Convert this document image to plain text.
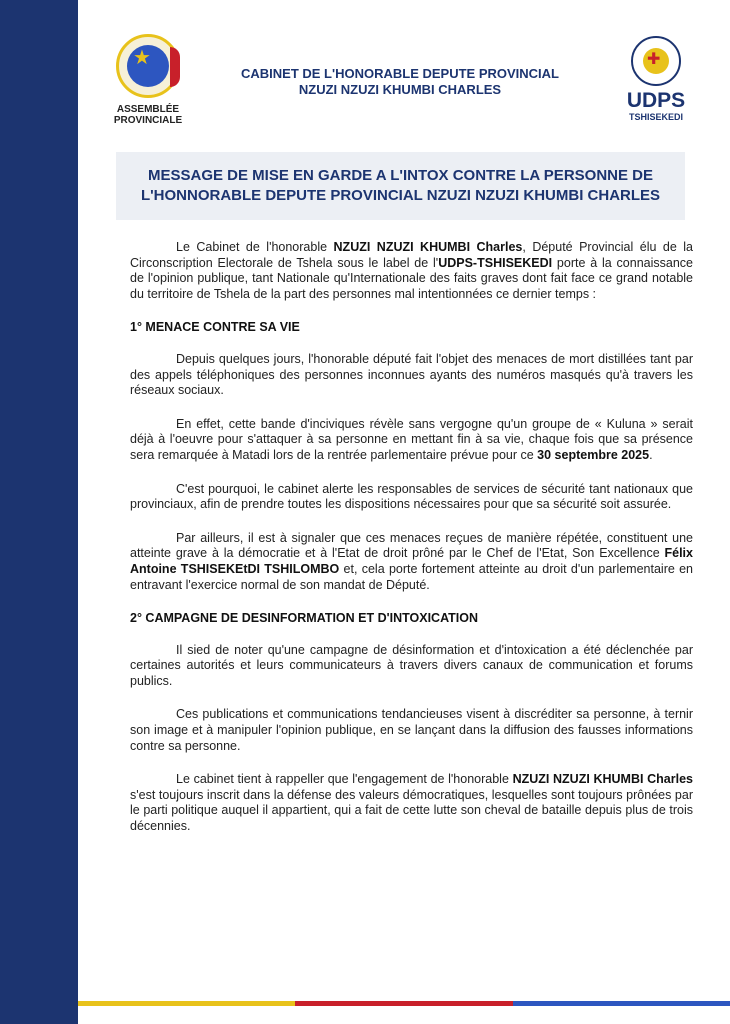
★
ASSEMBLÉE
PROVINCIALE
CABINET DE L'HONORABLE DEPUTE PROVINCIAL
NZUZI NZUZI KHUMBI CHARLES
✚
UDPS
TSHISEKEDI
MESSAGE DE MISE EN GARDE A L'INTOX CONTRE LA PERSONNE DE
L'HONNORABLE DEPUTE PROVINCIAL NZUZI NZUZI KHUMBI CHARLES

Le Cabinet de l'honorable NZUZI NZUZI KHUMBI Charles, Député Provincial élu de la Circonscription Electorale de Tshela sous le label de l'UDPS-TSHISEKEDI porte à la connaissance de l'opinion publique, tant Nationale qu'Internationale des faits graves dont fait face ce grand notable du territoire de Tshela de la part des personnes mal intentionnées ce dernier temps :

1° MENACE CONTRE SA VIE

Depuis quelques jours, l'honorable député fait l'objet des menaces de mort distillées tant par des appels téléphoniques des personnes inconnues ayants des numéros masqués qu'à travers les réseaux sociaux.

En effet, cette bande d'inciviques révèle sans vergogne qu'un groupe de « Kuluna » serait déjà à l'oeuvre pour s'attaquer à sa personne en mettant fin à sa vie, chaque fois que sa présence sera remarquée à Matadi lors de la rentrée parlementaire prévue pour ce 30 septembre 2025.

C'est pourquoi, le cabinet alerte les responsables de services de sécurité tant nationaux que provinciaux, afin de prendre toutes les dispositions nécessaires pour que sa sécurité soit assurée.

Par ailleurs, il est à signaler que ces menaces reçues de manière répétée, constituent une atteinte grave à la démocratie et à l'Etat de droit prôné par le Chef de l'Etat, Son Excellence Félix Antoine TSHISEKEtDI TSHILOMBO et, cela porte fortement atteinte au droit d'un parlementaire en entravant l'exercice normal de son mandat de Député.

2° CAMPAGNE DE DESINFORMATION ET D'INTOXICATION

Il sied de noter qu'une campagne de désinformation et d'intoxication a été déclenchée par certaines autorités et leurs communicateurs à travers divers canaux de communication et forums publics.

Ces publications et communications tendancieuses visent à discréditer sa personne, à ternir son image et à manipuler l'opinion publique, en se lançant dans la diffusion des fausses informations contre sa personne.

Le cabinet tient à rappeller que l'engagement de l'honorable NZUZI NZUZI KHUMBI Charles s'est toujours inscrit dans la défense des valeurs démocratiques, lesquelles sont toujours prônées par le parti politique auquel il appartient, qui a fait de cette lutte son cheval de bataille depuis plus de trois décennies.
